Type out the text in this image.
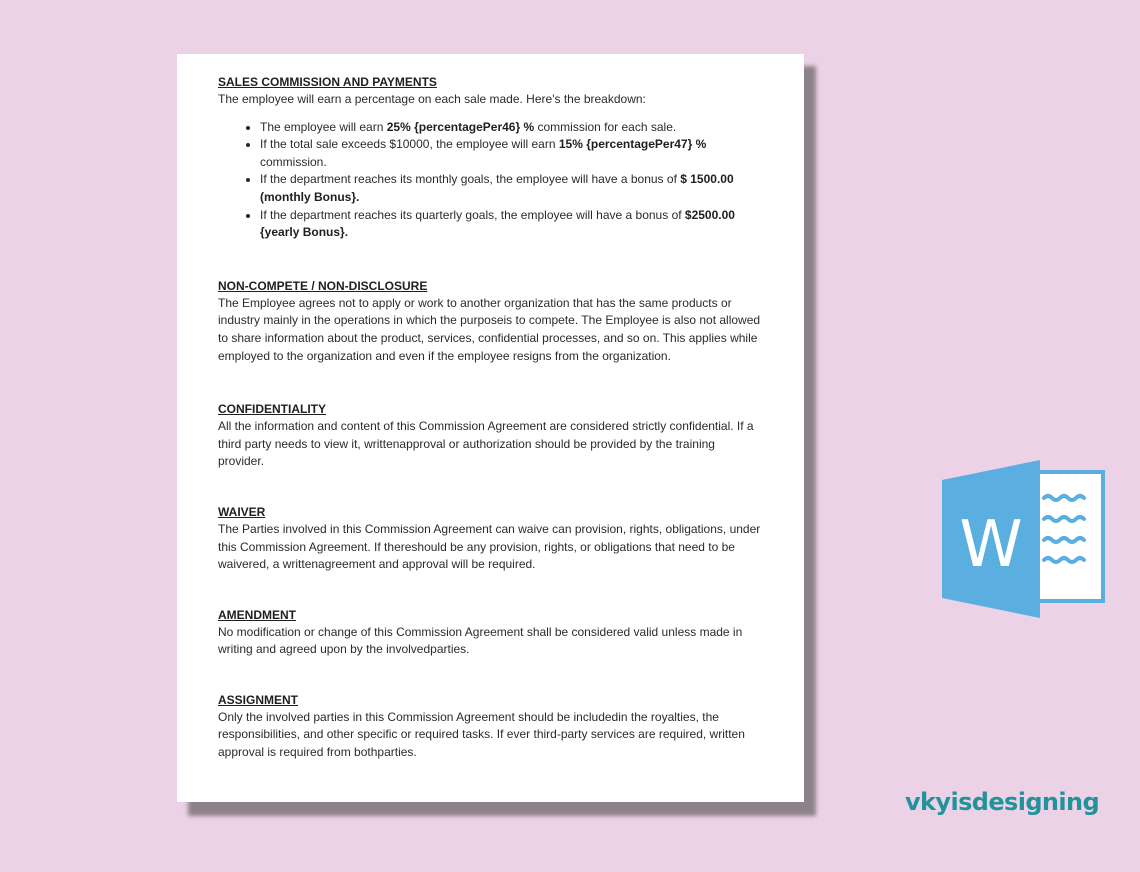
SALES COMMISSION AND PAYMENTS

The employee will earn a percentage on each sale made. Here's the breakdown:

• The employee will earn 25% {percentagePer46} % commission for each sale.
• If the total sale exceeds $10000, the employee will earn 15% {percentagePer47} % commission.
• If the department reaches its monthly goals, the employee will have a bonus of $ 1500.00 (monthly Bonus}.
• If the department reaches its quarterly goals, the employee will have a bonus of $2500.00 {yearly Bonus}.

NON-COMPETE / NON-DISCLOSURE

The Employee agrees not to apply or work to another organization that has the same products or industry mainly in the operations in which the purposeis to compete. The Employee is also not allowed to share information about the product, services, confidential processes, and so on. This applies while employed to the organization and even if the employee resigns from the organization.

CONFIDENTIALITY

All the information and content of this Commission Agreement are considered strictly confidential. If a third party needs to view it, writtenapproval or authorization should be provided by the training provider.

WAIVER

The Parties involved in this Commission Agreement can waive can provision, rights, obligations, under this Commission Agreement. If thereshould be any provision, rights, or obligations that need to be waivered, a writtenagreement and approval will be required.

AMENDMENT

No modification or change of this Commission Agreement shall be considered valid unless made in writing and agreed upon by the involvedparties.

ASSIGNMENT

Only the involved parties in this Commission Agreement should be includedin the royalties, the responsibilities, and other specific or required tasks. If ever third-party services are required, written approval is required from bothparties.

W
vkyisdesigning
